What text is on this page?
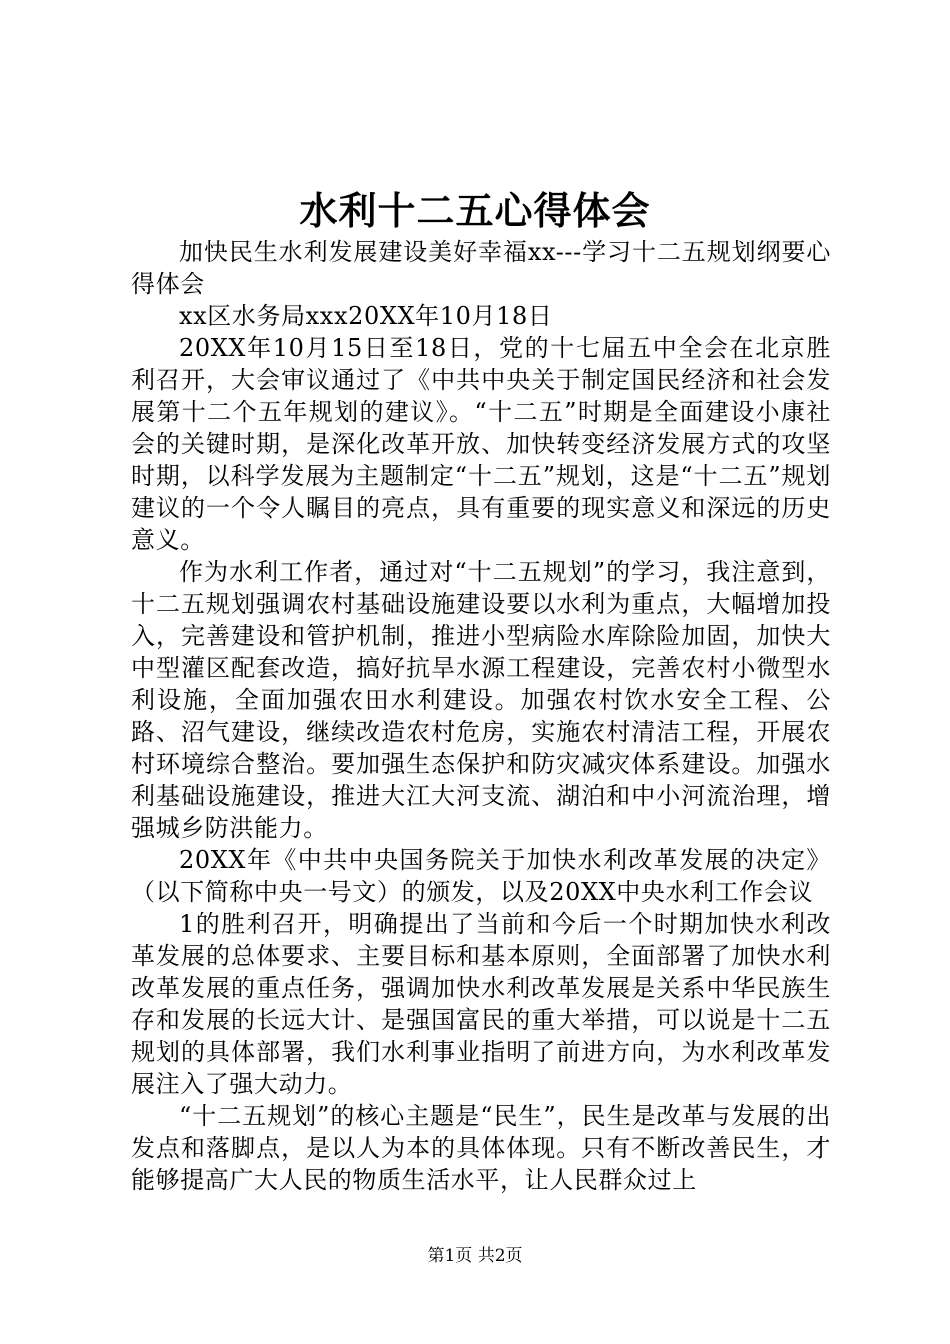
水利十二五心得体会

加快民生水利发展建设美好幸福xx---学习十二五规划纲要心得体会

xx区水务局xxx20XX年10月18日

20XX年10月15日至18日，党的十七届五中全会在北京胜利召开，大会审议通过了《中共中央关于制定国民经济和社会发展第十二个五年规划的建议》。“十二五”时期是全面建设小康社会的关键时期，是深化改革开放、加快转变经济发展方式的攻坚时期，以科学发展为主题制定“十二五”规划，这是“十二五”规划建议的一个令人瞩目的亮点，具有重要的现实意义和深远的历史意义。

作为水利工作者，通过对“十二五规划”的学习，我注意到，十二五规划强调农村基础设施建设要以水利为重点，大幅增加投入，完善建设和管护机制，推进小型病险水库除险加固，加快大中型灌区配套改造，搞好抗旱水源工程建设，完善农村小微型水利设施，全面加强农田水利建设。加强农村饮水安全工程、公路、沼气建设，继续改造农村危房，实施农村清洁工程，开展农村环境综合整治。要加强生态保护和防灾减灾体系建设。加强水利基础设施建设，推进大江大河支流、湖泊和中小河流治理，增强城乡防洪能力。

20XX年《中共中央国务院关于加快水利改革发展的决定》（以下简称中央一号文）的颁发，以及20XX中央水利工作会议

1的胜利召开，明确提出了当前和今后一个时期加快水利改革发展的总体要求、主要目标和基本原则，全面部署了加快水利改革发展的重点任务，强调加快水利改革发展是关系中华民族生存和发展的长远大计、是强国富民的重大举措，可以说是十二五规划的具体部署，我们水利事业指明了前进方向，为水利改革发展注入了强大动力。

“十二五规划”的核心主题是“民生”，民生是改革与发展的出发点和落脚点，是以人为本的具体体现。只有不断改善民生，才能够提高广大人民的物质生活水平，让人民群众过上

第1页 共2页
